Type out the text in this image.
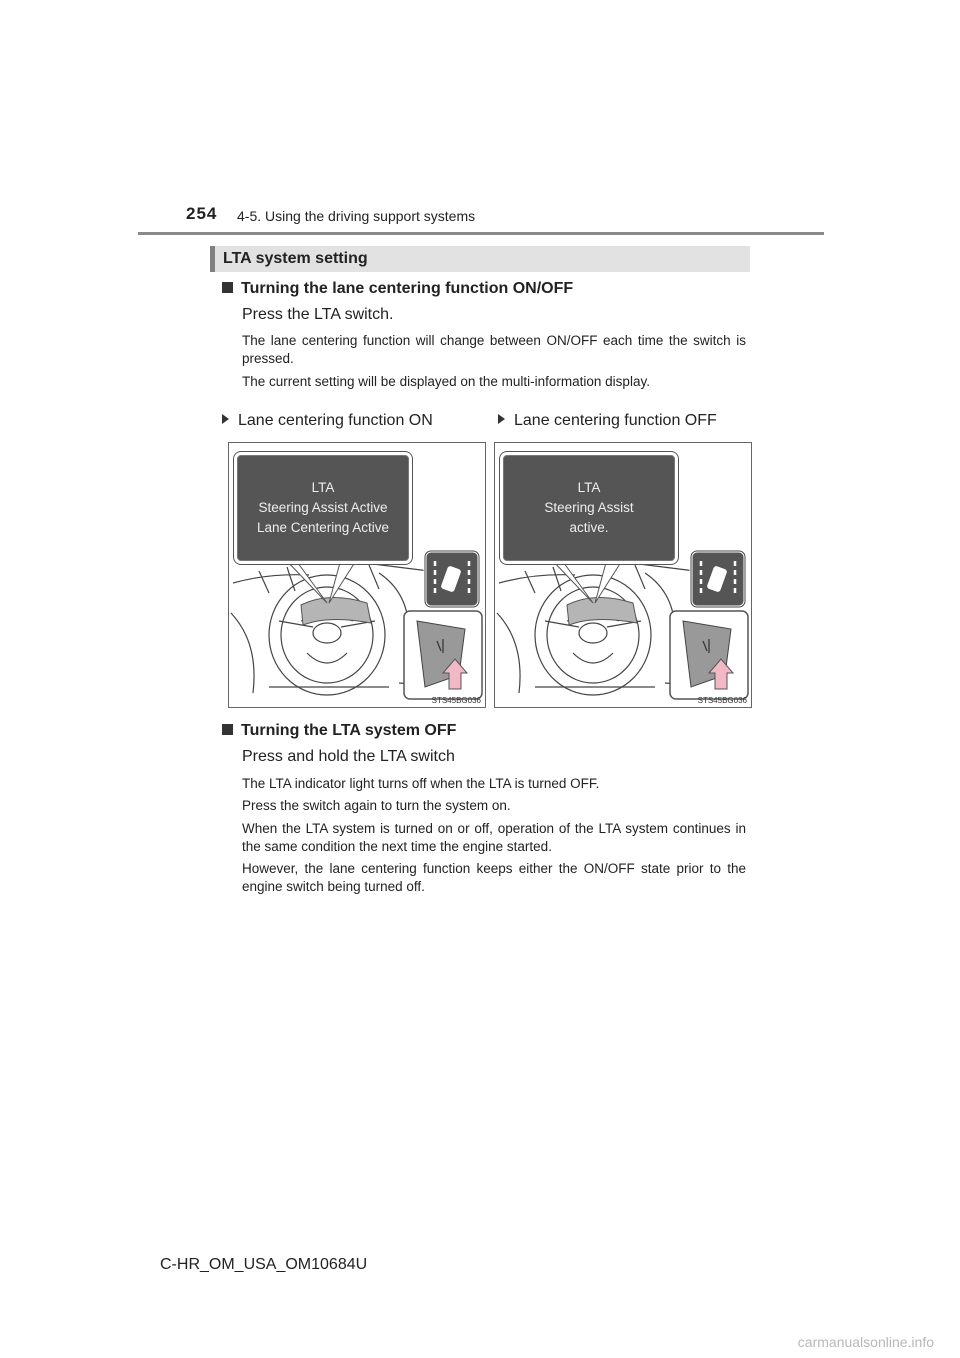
254 4-5. Using the driving support systems
LTA system setting
Turning the lane centering function ON/OFF
Press the LTA switch.
The lane centering function will change between ON/OFF each time the switch is pressed.
The current setting will be displayed on the multi-information display.
Lane centering function ON	Lane centering function OFF
LTA
Steering Assist Active
Lane Centering Active
STS45BG036
LTA
Steering Assist
active.
STS45BG036
Turning the LTA system OFF
Press and hold the LTA switch
The LTA indicator light turns off when the LTA is turned OFF.
Press the switch again to turn the system on.
When the LTA system is turned on or off, operation of the LTA system continues in the same condition the next time the engine started.
However, the lane centering function keeps either the ON/OFF state prior to the engine switch being turned off.
C-HR_OM_USA_OM10684U
carmanualsonline.info
